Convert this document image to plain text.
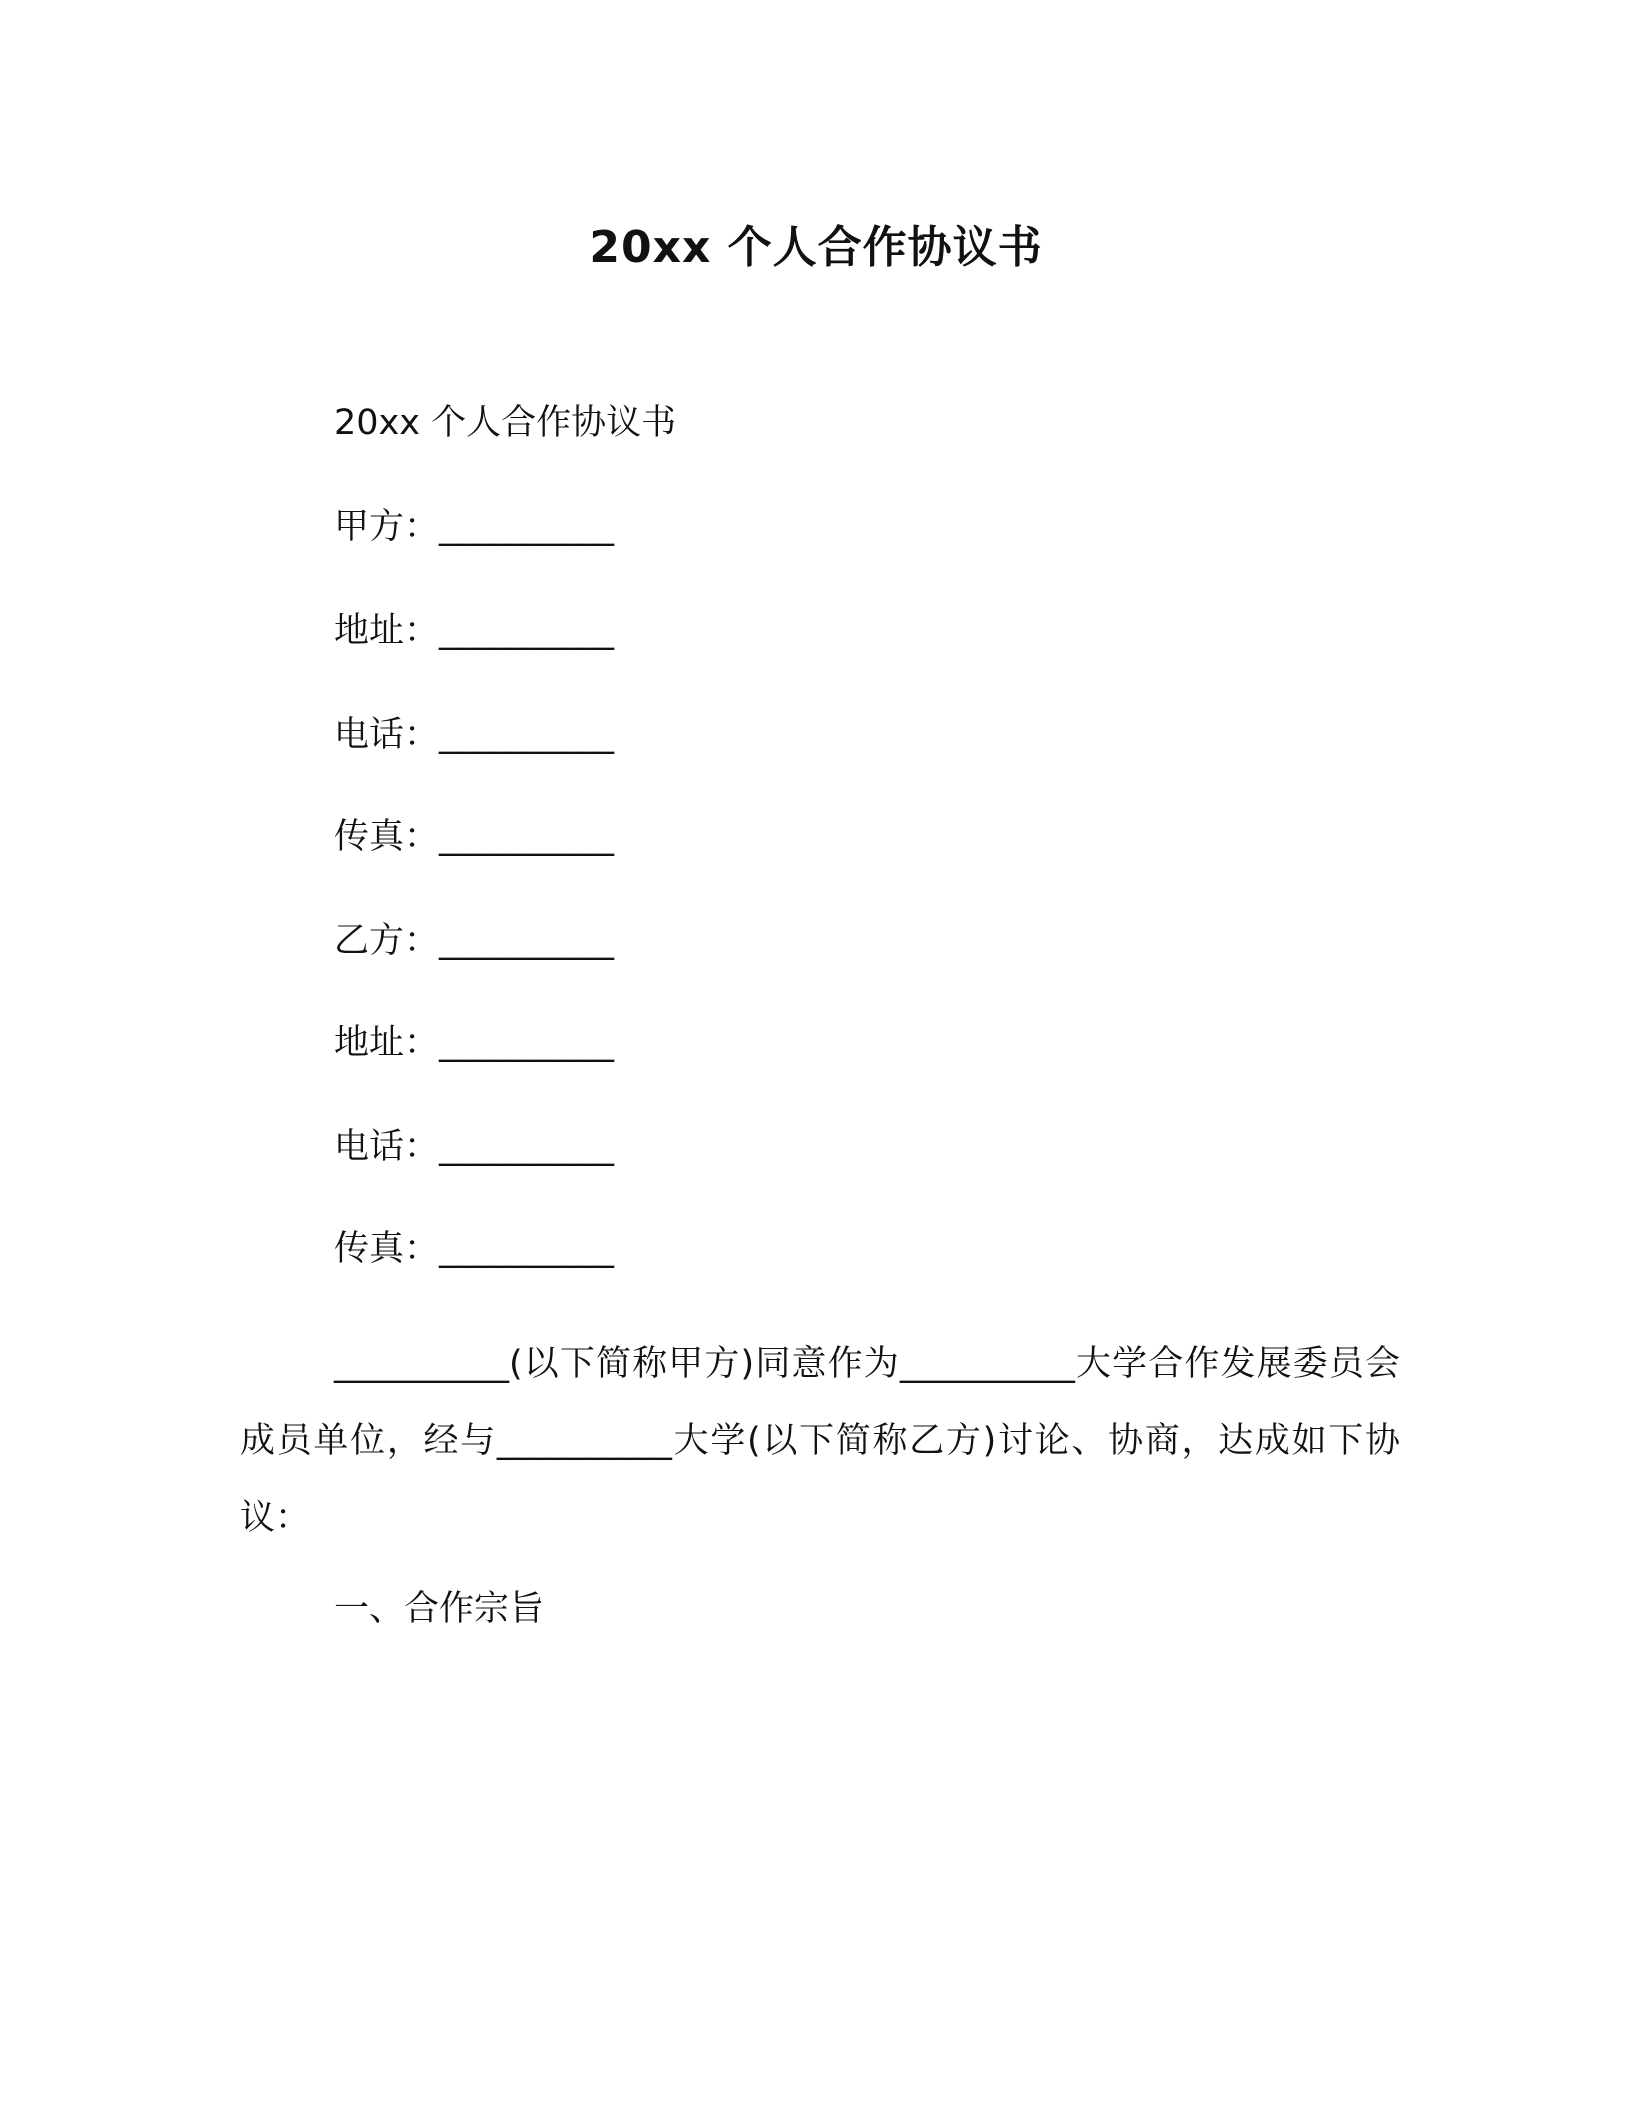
20xx 个人合作协议书

20xx 个人合作协议书

甲方：__________

地址：__________

电话：__________

传真：__________

乙方：__________

地址：__________

电话：__________

传真：__________

__________(以下简称甲方)同意作为__________大学合作发展委员会成员单位，经与__________大学(以下简称乙方)讨论、协商，达成如下协议：

一、合作宗旨
